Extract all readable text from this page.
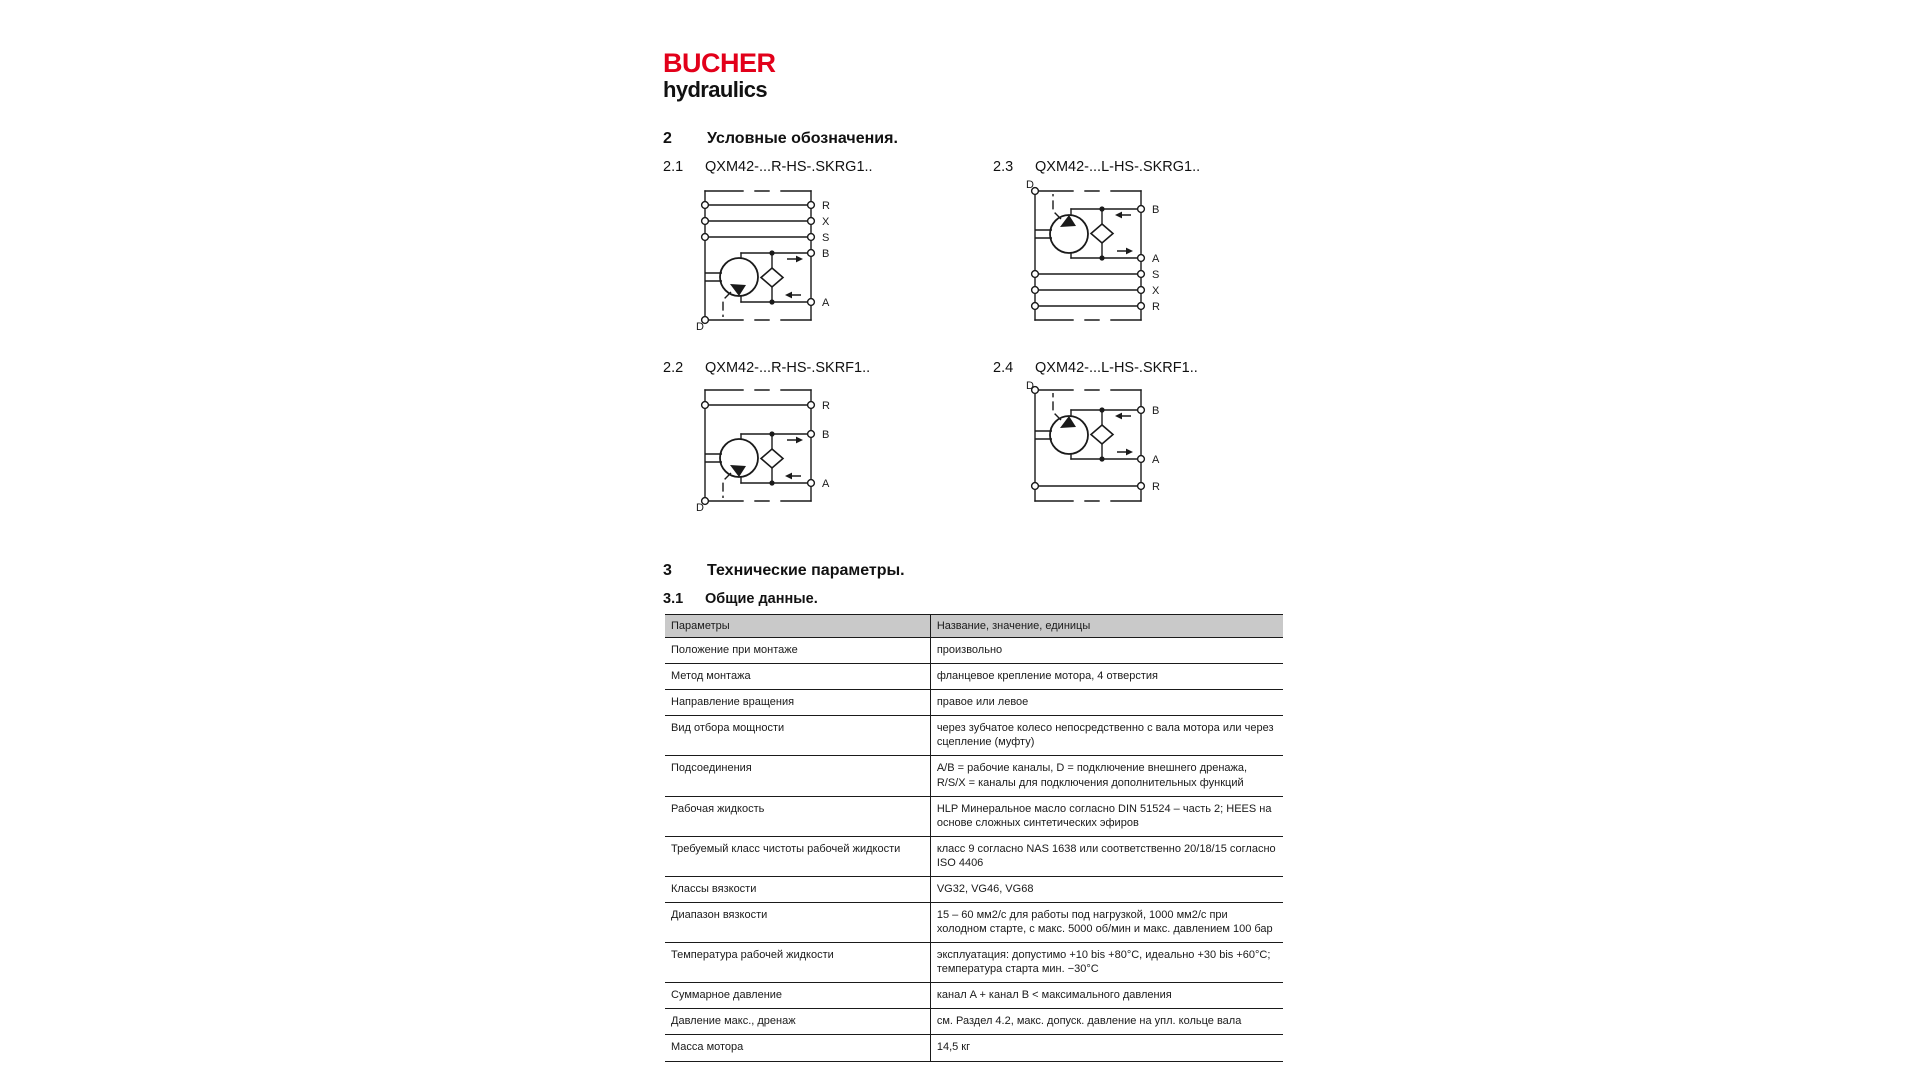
BUCHER
hydraulics
2 Условные обозначения.
2.1 QXM42-...R-HS-.SKRG1..	2.3 QXM42-...L-HS-.SKRG1..
2.2 QXM42-...R-HS-.SKRF1..	2.4 QXM42-...L-HS-.SKRF1..
R
X
S
B
A
D
D
B
A
S
X
R
R
B
A
D
D
B
A
R
3 Технические параметры.
3.1 Общие данные.
Параметры	Название, значение, единицы
Положение при монтаже	произвольно
Метод монтажа	фланцевое крепление мотора, 4 отверстия
Направление вращения	правое или левое
Вид отбора мощности	через зубчатое колесо непосредственно с вала мотора или через сцепление (муфту)
Подсоединения	A/B = рабочие каналы, D = подключение внешнего дренажа, R/S/X = каналы для подключения дополнительных функций
Рабочая жидкость	HLP Минеральное масло согласно DIN 51524 – часть 2; HEES на основе сложных синтетических эфиров
Требуемый класс чистоты рабочей жидкости	класс 9 согласно NAS 1638 или соответственно 20/18/15 согласно ISO 4406
Классы вязкости	VG32, VG46, VG68
Диапазон вязкости	15 – 60 мм2/с для работы под нагрузкой, 1000 мм2/с при холодном старте, с макс. 5000 об/мин и макс. давлением 100 бар
Температура рабочей жидкости	эксплуатация: допустимо +10 bis +80°C, идеально +30 bis +60°C; температура старта мин. −30°C
Суммарное давление	канал A + канал B < максимального давления
Давление макс., дренаж	см. Раздел 4.2, макс. допуск. давление на упл. кольце вала
Масса мотора	14,5 кг
